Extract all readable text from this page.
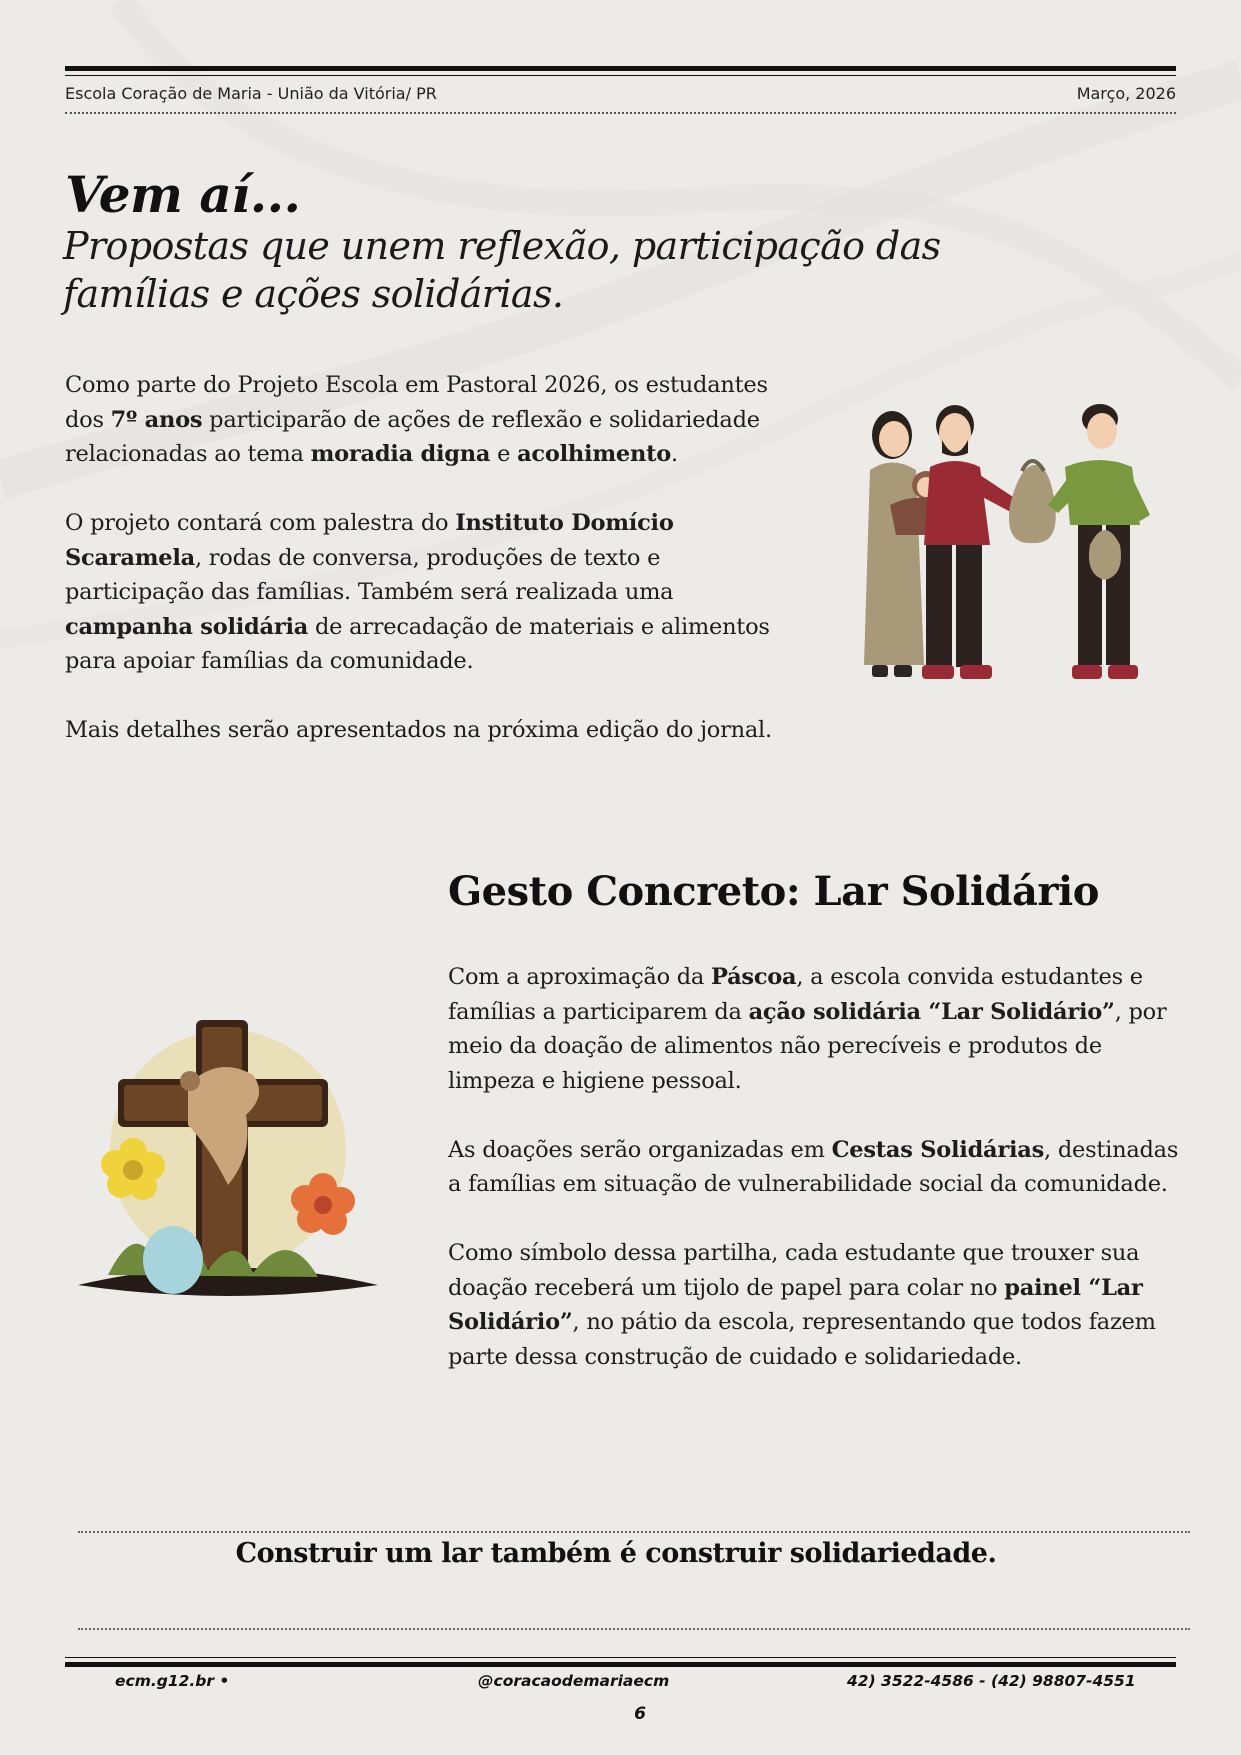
Escola Coração de Maria - União da Vitória/ PR	Março, 2026
Vem aí...
Propostas que unem reflexão, participação das famílias e ações solidárias.

Como parte do Projeto Escola em Pastoral 2026, os estudantes dos 7º anos participarão de ações de reflexão e solidariedade relacionadas ao tema moradia digna e acolhimento.

O projeto contará com palestra do Instituto Domício Scaramela, rodas de conversa, produções de texto e participação das famílias. Também será realizada uma campanha solidária de arrecadação de materiais e alimentos para apoiar famílias da comunidade.

Mais detalhes serão apresentados na próxima edição do jornal.

Gesto Concreto: Lar Solidário

Com a aproximação da Páscoa, a escola convida estudantes e famílias a participarem da ação solidária “Lar Solidário”, por meio da doação de alimentos não perecíveis e produtos de limpeza e higiene pessoal.

As doações serão organizadas em Cestas Solidárias, destinadas a famílias em situação de vulnerabilidade social da comunidade.

Como símbolo dessa partilha, cada estudante que trouxer sua doação receberá um tijolo de papel para colar no painel “Lar Solidário”, no pátio da escola, representando que todos fazem parte dessa construção de cuidado e solidariedade.

Construir um lar também é construir solidariedade.
ecm.g12.br •	@coracaodemariaecm	42) 3522-4586 - (42) 98807-4551
6
